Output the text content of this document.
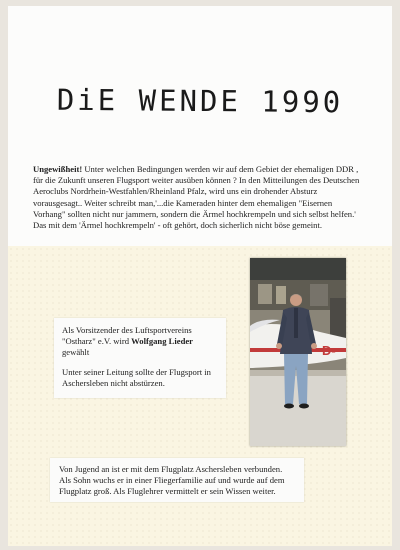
DiE WENDE 1990
Ungewißheit! Unter welchen Bedingungen werden wir auf dem Gebiet der ehemaligen DDR , für die Zukunft unseren Flugsport weiter ausüben können ? In den Mitteilungen des Deutschen Aeroclubs Nordrhein-Westfahlen/Rheinland Pfalz, wird uns ein drohender Absturz vorausgesagt.. Weiter schreibt man,'...die Kameraden hinter dem ehemaligen "Eisernen Vorhang" sollten nicht nur jammern, sondern die Ärmel hochkrempeln und sich selbst helfen.' Das mit dem 'Ärmel hochkrempeln' - oft gehört, doch sicherlich nicht böse gemeint.

Als Vorsitzender des Luftsportvereins "Ostharz" e.V. wird Wolfgang Lieder gewählt

Unter seiner Leitung sollte der Flugsport in Aschersleben nicht abstürzen.

D-

Von Jugend an ist er mit dem Flugplatz Aschersleben verbunden. Als Sohn wuchs er in einer Fliegerfamilie auf und wurde auf dem Flugplatz groß. Als Fluglehrer vermittelt er sein Wissen weiter.
